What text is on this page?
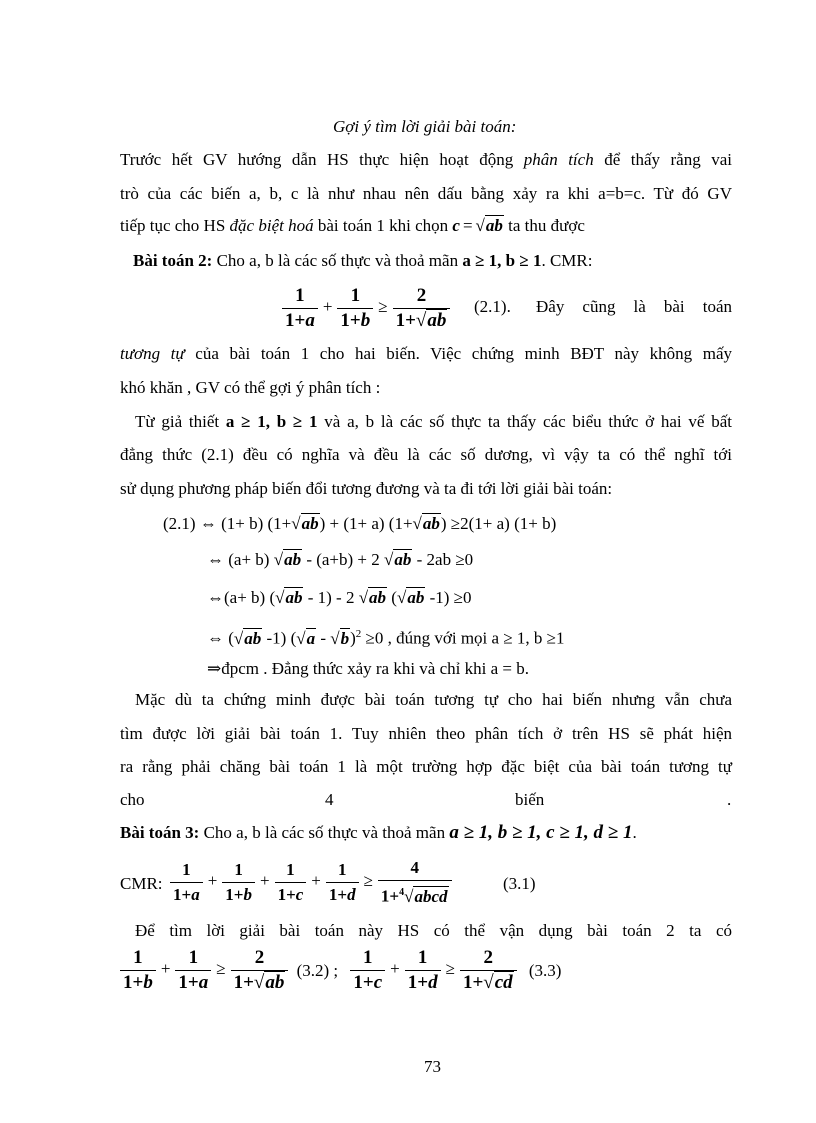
Gợi ý tìm lời giải bài toán:
Trước hết GV hướng dẫn HS thực hiện hoạt động phân tích để thấy rằng vai
trò của các biến a, b, c là như nhau nên dấu bằng xảy ra khi a=b=c. Từ đó GV
tiếp tục cho HS đặc biệt hoá bài toán 1 khi chọn c = √ab ta thu được
Bài toán 2: Cho a, b là các số thực và thoả mãn a ≥ 1, b ≥ 1. CMR:
$\frac{1}{1+a} + \frac{1}{1+b} \ge \frac{2}{1+√ab} (2.1)$. Đây cũng là bài toán
tương tự của bài toán 1 cho hai biến. Việc chứng minh BĐT này không mấy
khó khăn , GV có thể gợi ý phân tích :
Từ giả thiết a ≥ 1, b ≥ 1 và a, b là các số thực ta thấy các biểu thức ở hai vế bất
đẳng thức (2.1) đều có nghĩa và đều là các số dương, vì vậy ta có thể nghĩ tới
sử dụng phương pháp biến đổi tương đương và ta đi tới lời giải bài toán:
(2.1) ⇔ (1+ b) (1+√ab) + (1+ a) (1+√ab) ≥2(1+ a) (1+ b)
⇔ (a+ b) √ab - (a+b) + 2 √ab - 2ab ≥0
⇔(a+ b) (√ab - 1) - 2 √ab (√ab -1) ≥0
⇔ (√ab -1) (√a - √b)$^2$ ≥0 , đúng với mọi a ≥ 1, b ≥1
⇒đpcm . Đẳng thức xảy ra khi và chỉ khi a = b.
Mặc dù ta chứng minh được bài toán tương tự cho hai biến nhưng vẫn chưa
tìm được lời giải bài toán 1. Tuy nhiên theo phân tích ở trên HS sẽ phát hiện
ra rằng phải chăng bài toán 1 là một trường hợp đặc biệt của bài toán tương tự
cho	4	biến	.
Bài toán 3: Cho a, b là các số thực và thoả mãn a ≥ 1, b ≥ 1, c ≥ 1, d ≥ 1.
CMR: $\frac{1}{1+a} + \frac{1}{1+b} + \frac{1}{1+c} + \frac{1}{1+d} \ge \frac{4}{1+^4√abcd}$	(3.1)
Để tìm lời giải bài toán này HS có thể vận dụng bài toán 2 ta có
$\frac{1}{1+b} + \frac{1}{1+a} \ge \frac{2}{1+√ab} (3.2)$ ; $\frac{1}{1+c} + \frac{1}{1+d} \ge \frac{2}{1+√cd} (3.3)$
73
